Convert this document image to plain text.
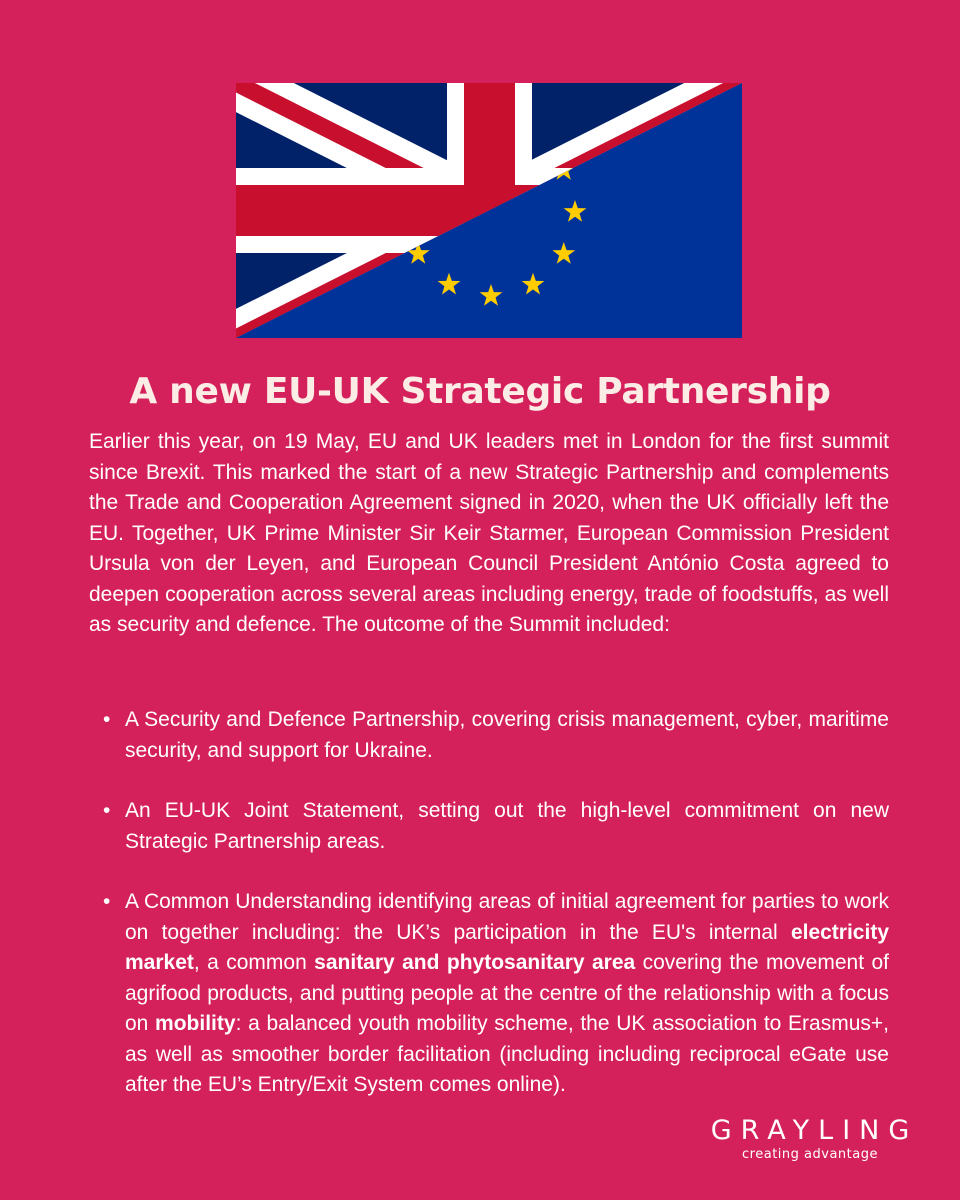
A new EU-UK Strategic Partnership

Earlier this year, on 19 May, EU and UK leaders met in London for the first summit since Brexit. This marked the start of a new Strategic Partnership and complements the Trade and Cooperation Agreement signed in 2020, when the UK officially left the EU. Together, UK Prime Minister Sir Keir Starmer, European Commission President Ursula von der Leyen, and European Council President António Costa agreed to deepen cooperation across several areas including energy, trade of foodstuffs, as well as security and defence. The outcome of the Summit included:

• A Security and Defence Partnership, covering crisis management, cyber, maritime security, and support for Ukraine.
• An EU-UK Joint Statement, setting out the high-level commitment on new Strategic Partnership areas.
• A Common Understanding identifying areas of initial agreement for parties to work on together including: the UK’s participation in the EU's internal electricity market, a common sanitary and phytosanitary area covering the movement of agrifood products, and putting people at the centre of the relationship with a focus on mobility: a balanced youth mobility scheme, the UK association to Erasmus+, as well as smoother border facilitation (including including reciprocal eGate use after the EU’s Entry/Exit System comes online).
GRAYLING
creating advantage
